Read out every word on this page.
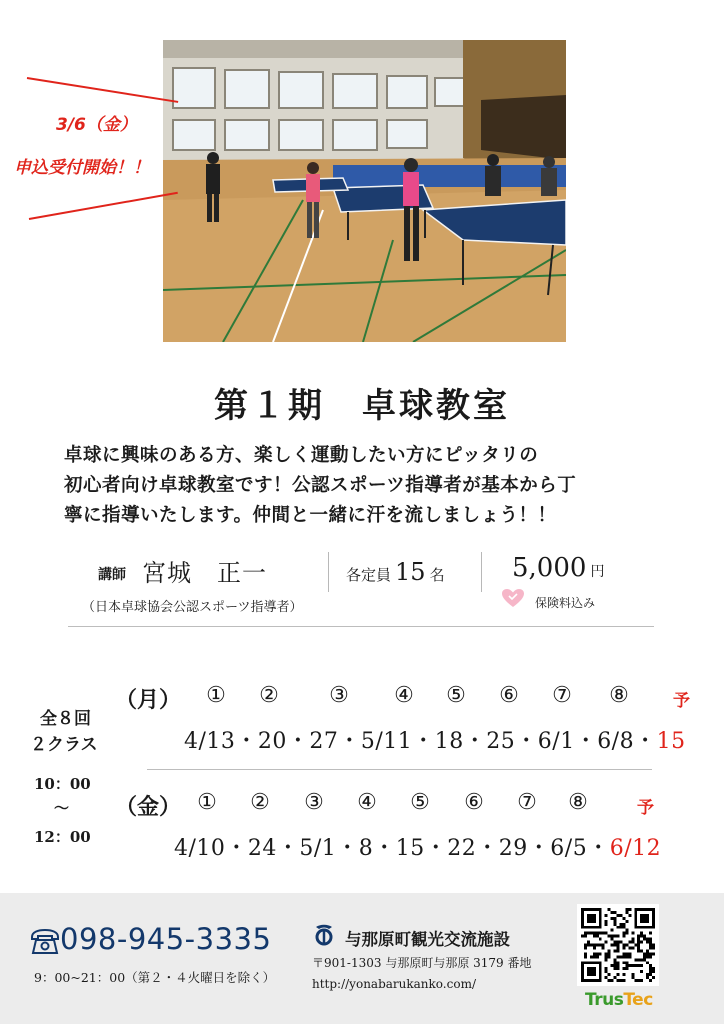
3/6（金）
申込受付開始！！
第１期　卓球教室
卓球に興味のある方、楽しく運動したい方にピッタリの
初心者向け卓球教室です！公認スポーツ指導者が基本から丁
寧に指導いたします。仲間と一緒に汗を流しましょう！！
講師 宮城　正一
（日本卓球協会公認スポーツ指導者）
各定員 15 名	5,000 円
保険料込み
全８回
２クラス
10：00
～
12：00
（月） ① ② ③ ④ ⑤ ⑥ ⑦ ⑧	予
4/13・20・27・5/11・18・25・6/1・6/8・15
（金） ① ② ③ ④ ⑤ ⑥ ⑦ ⑧	予
4/10・24・5/1・8・15・22・29・6/5・6/12
098-945-3335
9：00~21：00（第２・４火曜日を除く）
与那原町観光交流施設
〒901-1303 与那原町与那原 3179 番地
http://yonabarukanko.com/
TrusTec
